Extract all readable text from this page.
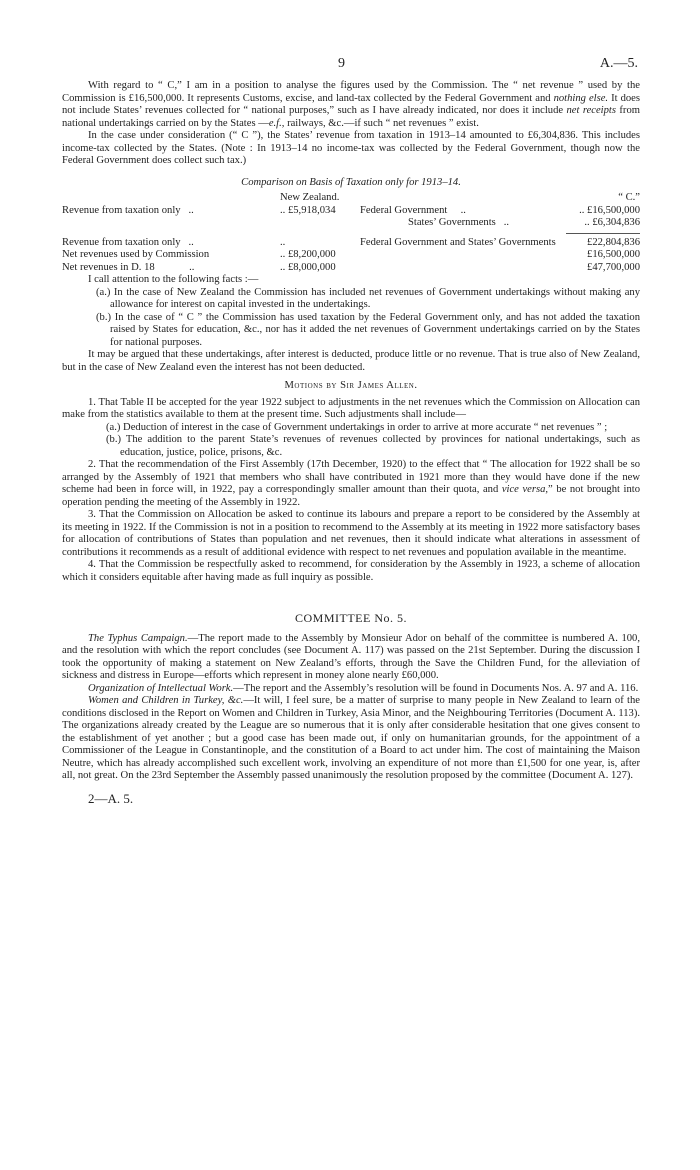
9	A.—5.

With regard to “ C,” I am in a position to analyse the figures used by the Commission. The “ net revenue ” used by the Commission is £16,500,000. It represents Customs, excise, and land-tax collected by the Federal Government and nothing else. It does not include States’ revenues collected for “ national purposes,” such as I have already indicated, nor does it include net receipts from national undertakings carried on by the States —e.f., railways, &c.—if such “ net revenues ” exist.

In the case under consideration (“ C ”), the States’ revenue from taxation in 1913–14 amounted to £6,304,836. This includes income-tax collected by the States. (Note : In 1913–14 no income-tax was collected by the Federal Government, though now the Federal Government does collect such tax.)

Comparison on Basis of Taxation only for 1913–14.
	New Zealand.		“ C.”
Revenue from taxation only ..	.. £5,918,034	Federal Government ..	.. £16,500,000
		States’ Governments ..	.. £6,304,836

Revenue from taxation only ..	..	Federal Government and States’ Governments	£22,804,836
Net revenues used by Commission	.. £8,200,000		£16,500,000
Net revenues in D. 18 ..	.. £8,000,000		£47,700,000

I call attention to the following facts :—

(a.) In the case of New Zealand the Commission has included net revenues of Government undertakings without making any allowance for interest on capital invested in the undertakings.

(b.) In the case of “ C ” the Commission has used taxation by the Federal Government only, and has not added the taxation raised by States for education, &c., nor has it added the net revenues of Government undertakings carried on by the States for national purposes.

It may be argued that these undertakings, after interest is deducted, produce little or no revenue. That is true also of New Zealand, but in the case of New Zealand even the interest has not been deducted.

Motions by Sir James Allen.

1. That Table II be accepted for the year 1922 subject to adjustments in the net revenues which the Commission on Allocation can make from the statistics available to them at the present time. Such adjustments shall include—

(a.) Deduction of interest in the case of Government undertakings in order to arrive at more accurate “ net revenues ” ;

(b.) The addition to the parent State’s revenues of revenues collected by provinces for national undertakings, such as education, justice, police, prisons, &c.

2. That the recommendation of the First Assembly (17th December, 1920) to the effect that “ The allocation for 1922 shall be so arranged by the Assembly of 1921 that members who shall have contributed in 1921 more than they would have done if the new scheme had been in force will, in 1922, pay a correspondingly smaller amount than their quota, and vice versa,” be not brought into operation pending the meeting of the Assembly in 1922.

3. That the Commission on Allocation be asked to continue its labours and prepare a report to be considered by the Assembly at its meeting in 1922. If the Commission is not in a position to recommend to the Assembly at its meeting in 1922 more satisfactory bases for allocation of contributions of States than population and net revenues, then it should indicate what alterations in assessment of contributions it recommends as a result of additional evidence with respect to net revenues and population available in the meantime.

4. That the Commission be respectfully asked to recommend, for consideration by the Assembly in 1923, a scheme of allocation which it considers equitable after having made as full inquiry as possible.

COMMITTEE No. 5.

The Typhus Campaign.—The report made to the Assembly by Monsieur Ador on behalf of the committee is numbered A. 100, and the resolution with which the report concludes (see Document A. 117) was passed on the 21st September. During the discussion I took the opportunity of making a statement on New Zealand’s efforts, through the Save the Children Fund, for the alleviation of sickness and distress in Europe—efforts which represent in money alone nearly £60,000.

Organization of Intellectual Work.—The report and the Assembly’s resolution will be found in Documents Nos. A. 97 and A. 116.

Women and Children in Turkey, &c.—It will, I feel sure, be a matter of surprise to many people in New Zealand to learn of the conditions disclosed in the Report on Women and Children in Turkey, Asia Minor, and the Neighbouring Territories (Document A. 113). The organizations already created by the League are so numerous that it is only after considerable hesitation that one gives consent to the establishment of yet another ; but a good case has been made out, if only on humanitarian grounds, for the appointment of a Commissioner of the League in Constantinople, and the constitution of a Board to act under him. The cost of maintaining the Maison Neutre, which has already accomplished such excellent work, involving an expenditure of not more than £1,500 for one year, is, after all, not great. On the 23rd September the Assembly passed unanimously the resolution proposed by the committee (Document A. 127).

2—A. 5.
